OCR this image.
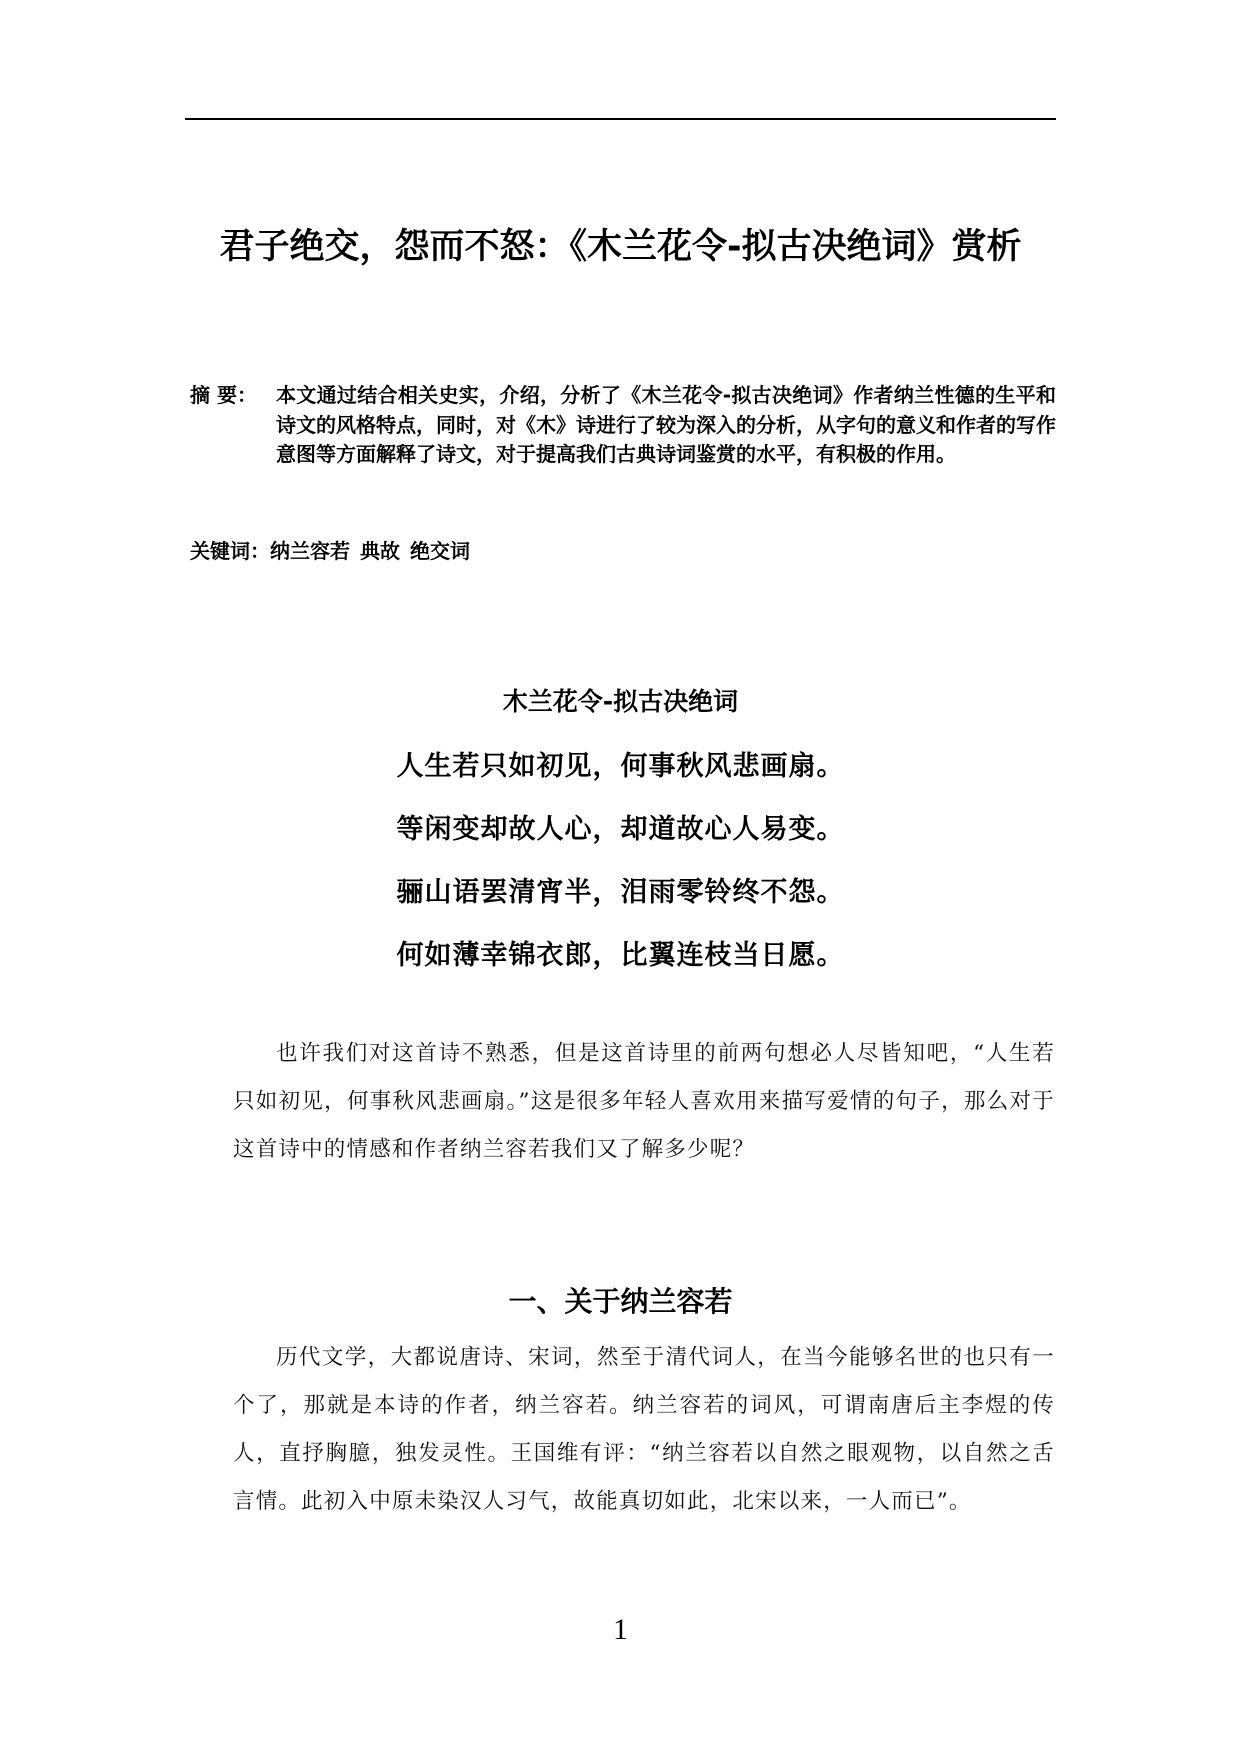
君子绝交，怨而不怒：《木兰花令-拟古决绝词》赏析
摘 要： 本文通过结合相关史实，介绍，分析了《木兰花令-拟古决绝词》作者纳兰性德的生平和诗文的风格特点，同时，对《木》诗进行了较为深入的分析，从字句的意义和作者的写作意图等方面解释了诗文，对于提高我们古典诗词鉴赏的水平，有积极的作用。
关键词：纳兰容若 典故 绝交词
木兰花令-拟古决绝词
人生若只如初见，何事秋风悲画扇。
等闲变却故人心，却道故心人易变。
骊山语罢清宵半，泪雨零铃终不怨。
何如薄幸锦衣郎，比翼连枝当日愿。
也许我们对这首诗不熟悉，但是这首诗里的前两句想必人尽皆知吧，“人生若只如初见，何事秋风悲画扇。”这是很多年轻人喜欢用来描写爱情的句子，那么对于这首诗中的情感和作者纳兰容若我们又了解多少呢？
一、关于纳兰容若
历代文学，大都说唐诗、宋词，然至于清代词人，在当今能够名世的也只有一个了，那就是本诗的作者，纳兰容若。纳兰容若的词风，可谓南唐后主李煜的传人，直抒胸臆，独发灵性。王国维有评：“纳兰容若以自然之眼观物，以自然之舌言情。此初入中原未染汉人习气，故能真切如此，北宋以来，一人而已”。
1
